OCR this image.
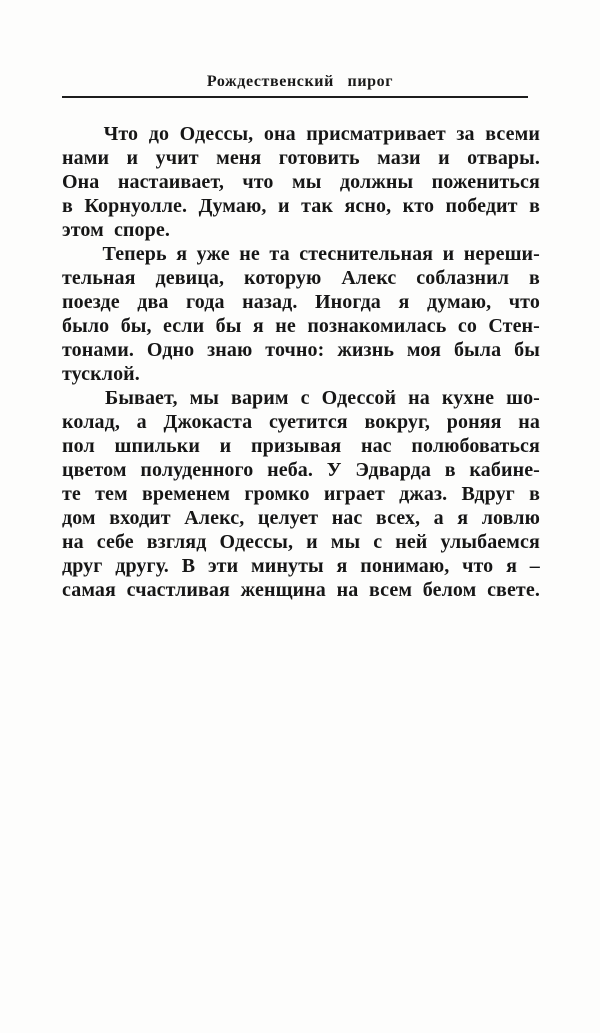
Рождественский пирог
Что до Одессы, она присматривает за всеми
нами и учит меня готовить мази и отвары.
Она настаивает, что мы должны пожениться
в Корнуолле. Думаю, и так ясно, кто победит в
этом споре.
Теперь я уже не та стеснительная и нереши-
тельная девица, которую Алекс соблазнил в
поезде два года назад. Иногда я думаю, что
было бы, если бы я не познакомилась со Стен-
тонами. Одно знаю точно: жизнь моя была бы
тусклой.
Бывает, мы варим с Одессой на кухне шо-
колад, а Джокаста суетится вокруг, роняя на
пол шпильки и призывая нас полюбоваться
цветом полуденного неба. У Эдварда в кабине-
те тем временем громко играет джаз. Вдруг в
дом входит Алекс, целует нас всех, а я ловлю
на себе взгляд Одессы, и мы с ней улыбаемся
друг другу. В эти минуты я понимаю, что я –
самая счастливая женщина на всем белом свете.
